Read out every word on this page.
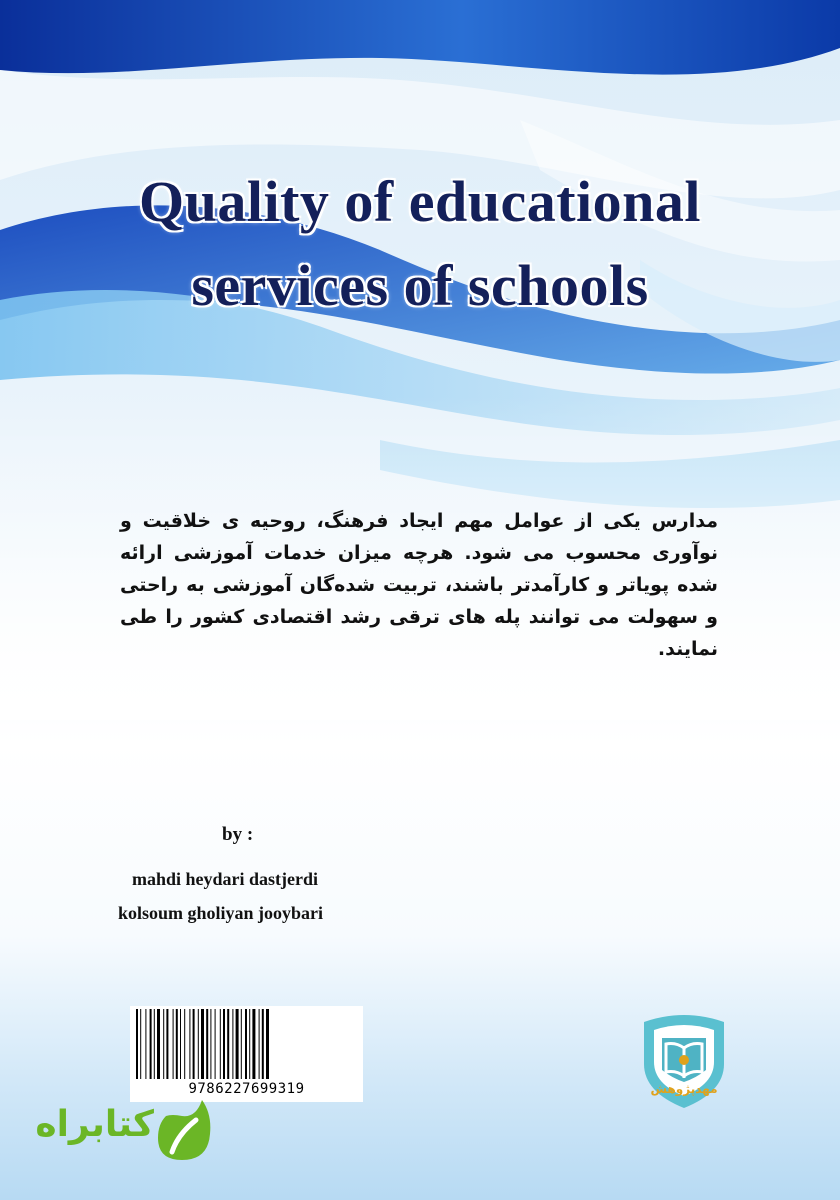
Quality of educational
services of schools

مدارس یکی از عوامل مهم ایجاد فرهنگ، روحیه ی خلاقیت و نوآوری محسوب می شود. هرچه میزان خدمات آموزشی ارائه شده پویاتر و کارآمدتر باشند، تربیت شده‌گان آموزشی به راحتی و سهولت می توانند پله های ترقی رشد اقتصادی کشور را طی نمایند.

by :
mahdi heydari dastjerdi
kolsoum gholiyan jooybari
9786227699319	مهدپژوهش
کتابراه
